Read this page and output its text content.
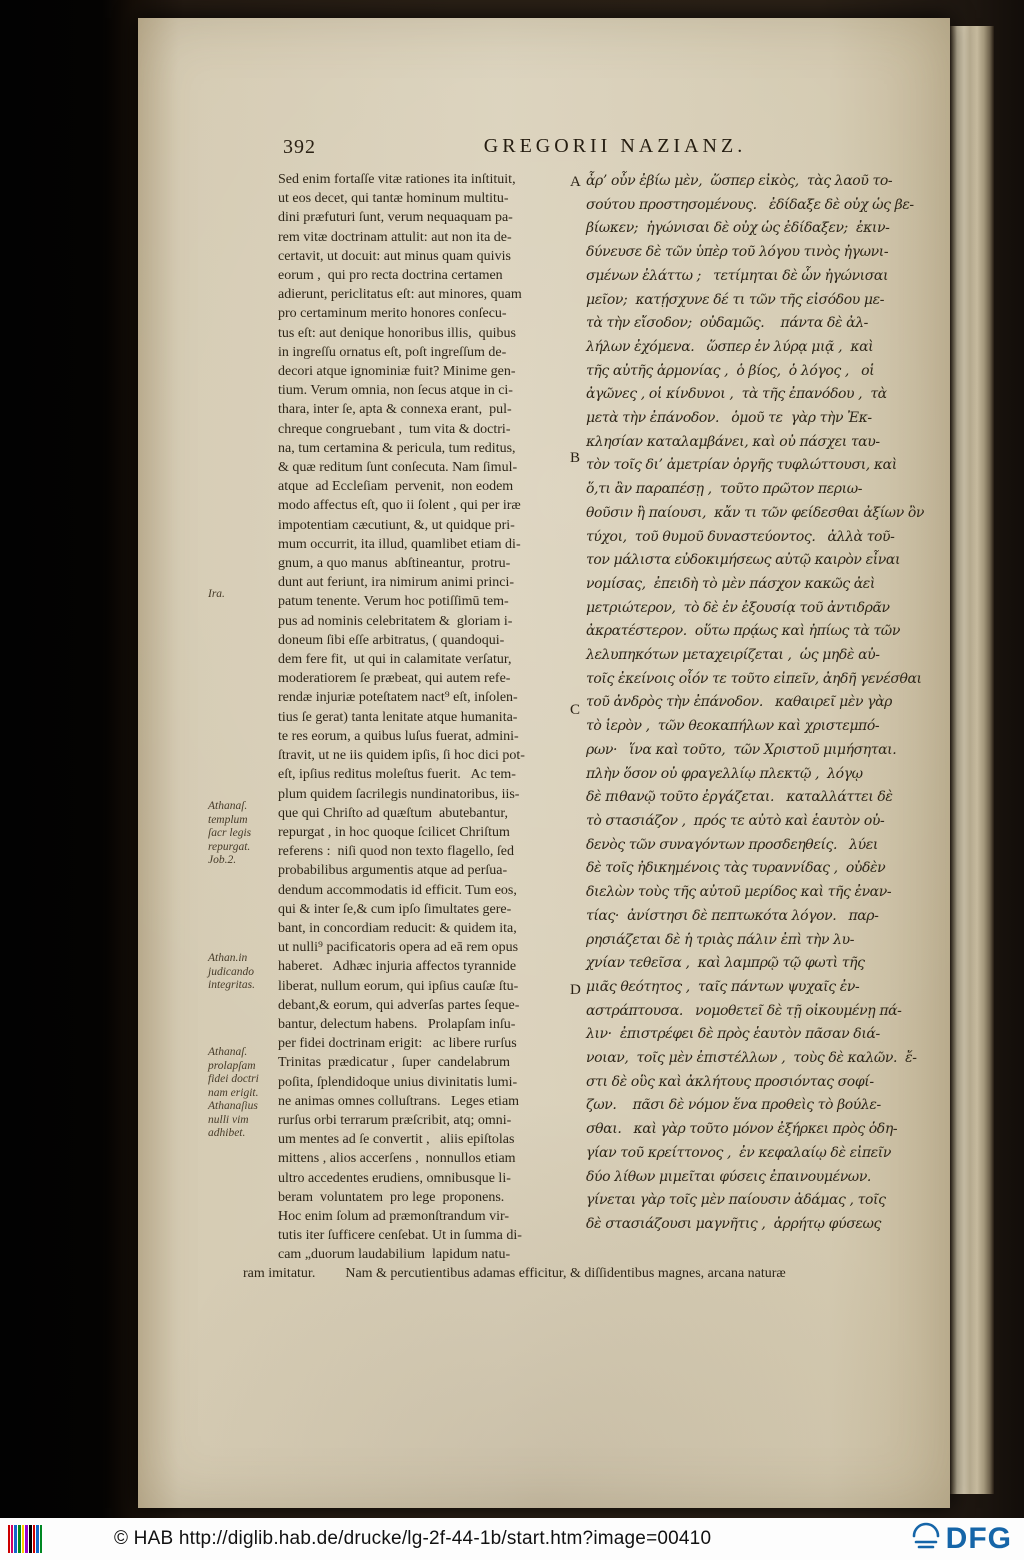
392	GREGORII NAZIANZ.
Ira.
Athanaſ.
templum
ſacr legis
repurgat.
Job.2.
Athan.in
judicando
integritas.
Athanaſ.
prolapſam
fidei doctri
nam erigit.
Athanaſius
nulli vim
adhibet.
A
B
C
D
Sed enim fortaſſe vitæ rationes ita inſtituit,
ut eos decet, qui tantæ hominum multitu-
dini præfuturi ſunt, verum nequaquam pa-
rem vitæ doctrinam attulit: aut non ita de-
certavit, ut docuit: aut minus quam quivis
eorum ,  qui pro recta doctrina certamen
adierunt, periclitatus eſt: aut minores, quam
pro certaminum merito honores conſecu-
tus eſt: aut denique honoribus illis,  quibus
in ingreſſu ornatus eſt, poſt ingreſſum de-
decori atque ignominiæ fuit? Minime gen-
tium. Verum omnia, non ſecus atque in ci-
thara, inter ſe, apta & connexa erant,  pul-
chreque congruebant ,  tum vita & doctri-
na, tum certamina & pericula, tum reditus,
& quæ reditum ſunt conſecuta. Nam ſimul-
atque  ad Eccleſiam  pervenit,  non eodem
modo affectus eſt, quo ii ſolent , qui per iræ
impotentiam cæcutiunt, &, ut quidque pri-
mum occurrit, ita illud, quamlibet etiam di-
gnum, a quo manus  abſtineantur,  protru-
dunt aut feriunt, ira nimirum animi princi-
patum tenente. Verum hoc potiſſimū tem-
pus ad nominis celebritatem &  gloriam i-
doneum ſibi eſſe arbitratus, ( quandoqui-
dem fere fit,  ut qui in calamitate verſatur,
moderatiorem ſe præbeat, qui autem refe-
rendæ injuriæ poteſtatem nact⁹ eſt, inſolen-
tius ſe gerat) tanta lenitate atque humanita-
te res eorum, a quibus luſus fuerat, admini-
ſtravit, ut ne iis quidem ipſis, ſi hoc dici pot-
eſt, ipſius reditus moleſtus fuerit.   Ac tem-
plum quidem ſacrilegis nundinatoribus, iis-
que qui Chriſto ad quæſtum  abutebantur,
repurgat , in hoc quoque ſcilicet Chriſtum
referens :  niſi quod non texto flagello, ſed
probabilibus argumentis atque ad perſua-
dendum accommodatis id efficit. Tum eos,
qui & inter ſe,& cum ipſo ſimultates gere-
bant, in concordiam reducit: & quidem ita,
ut nulli⁹ pacificatoris opera ad eā rem opus
haberet.   Adhæc injuria affectos tyrannide
liberat, nullum eorum, qui ipſius cauſæ ſtu-
debant,& eorum, qui adverſas partes ſeque-
bantur, delectum habens.   Prolapſam inſu-
per fidei doctrinam erigit:   ac libere rurſus
Trinitas  prædicatur ,  ſuper  candelabrum
poſita, ſplendidoque unius divinitatis lumi-
ne animas omnes colluſtrans.   Leges etiam
rurſus orbi terrarum præſcribit, atq; omni-
um mentes ad ſe convertit ,   aliis epiſtolas
mittens , alios accerſens ,  nonnullos etiam
ultro accedentes erudiens, omnibusque li-
beram  voluntatem  pro lege  proponens.
Hoc enim ſolum ad præmonſtrandum vir-
tutis iter ſufficere cenſebat. Ut in ſumma di-
cam „duorum laudabilium  lapidum natu-
ἆρ’ οὖν ἐβίω μὲν,  ὥσπερ εἰκὸς,  τὰς λαοῦ το-
σούτου προστησομένους.   ἐδίδαξε δὲ οὐχ ὡς βε-
βίωκεν;  ἠγώνισαι δὲ οὐχ ὡς ἐδίδαξεν;  ἐκιν-
δύνευσε δὲ τῶν ὑπὲρ τοῦ λόγου τινὸς ἠγωνι-
σμένων ἐλάττω ;   τετίμηται δὲ ὧν ἠγώνισαι
μεῖον;  κατῄσχυνε δέ τι τῶν τῆς εἰσόδου με-
τὰ τὴν εἴσοδον;  οὐδαμῶς.    πάντα δὲ ἀλ-
λήλων ἐχόμενα.   ὥσπερ ἐν λύρᾳ μιᾷ ,  καὶ
τῆς αὐτῆς ἁρμονίας ,  ὁ βίος,  ὁ λόγος ,   οἱ
ἀγῶνες , οἱ κίνδυνοι ,  τὰ τῆς ἐπανόδου ,  τὰ
μετὰ τὴν ἐπάνοδον.   ὁμοῦ τε  γὰρ τὴν Ἐκ-
κλησίαν καταλαμβάνει, καὶ οὐ πάσχει ταυ-
τὸν τοῖς δι’ ἀμετρίαν ὀργῆς τυφλώττουσι, καὶ
ὅ,τι ἂν παραπέσῃ ,  τοῦτο πρῶτον περιω-
θοῦσιν ἢ παίουσι,  κἄν τι τῶν φείδεσθαι ἀξίων ὂν
τύχοι,  τοῦ θυμοῦ δυναστεύοντος.   ἀλλὰ τοῦ-
τον μάλιστα εὐδοκιμήσεως αὐτῷ καιρὸν εἶναι
νομίσας,  ἐπειδὴ τὸ μὲν πάσχον κακῶς ἀεὶ
μετριώτερον,  τὸ δὲ ἐν ἐξουσίᾳ τοῦ ἀντιδρᾶν
ἀκρατέστερον.  οὕτω πρᾴως καὶ ἠπίως τὰ τῶν
λελυπηκότων μεταχειρίζεται ,  ὡς μηδὲ αὐ-
τοῖς ἐκείνοις οἷόν τε τοῦτο εἰπεῖν, ἀηδῆ γενέσθαι
τοῦ ἀνδρὸς τὴν ἐπάνοδον.   καθαιρεῖ μὲν γὰρ
τὸ ἱερὸν ,  τῶν θεοκαπήλων καὶ χριστεμπό-
ρων·   ἵνα καὶ τοῦτο,  τῶν Χριστοῦ μιμήσηται.
πλὴν ὅσον οὐ φραγελλίῳ πλεκτῷ ,  λόγῳ
δὲ πιθανῷ τοῦτο ἐργάζεται.   καταλλάττει δὲ
τὸ στασιάζον ,  πρός τε αὐτὸ καὶ ἑαυτὸν οὐ-
δενὸς τῶν συναγόντων προσδεηθείς.   λύει
δὲ τοῖς ἠδικημένοις τὰς τυραννίδας ,  οὐδὲν
διελὼν τοὺς τῆς αὐτοῦ μερίδος καὶ τῆς ἐναν-
τίας·  ἀνίστησι δὲ πεπτωκότα λόγον.   παρ-
ρησιάζεται δὲ ἡ τριὰς πάλιν ἐπὶ τὴν λυ-
χνίαν τεθεῖσα ,  καὶ λαμπρῷ τῷ φωτὶ τῆς
μιᾶς θεότητος ,  ταῖς πάντων ψυχαῖς ἐν-
αστράπτουσα.   νομοθετεῖ δὲ τῇ οἰκουμένῃ πά-
λιν·  ἐπιστρέφει δὲ πρὸς ἑαυτὸν πᾶσαν διά-
νοιαν,  τοῖς μὲν ἐπιστέλλων ,  τοὺς δὲ καλῶν.  ἔ-
στι δὲ οὓς καὶ ἀκλήτους προσιόντας σοφί-
ζων.    πᾶσι δὲ νόμον ἕνα προθεὶς τὸ βούλε-
σθαι.   καὶ γὰρ τοῦτο μόνον ἐξήρκει πρὸς ὁδη-
γίαν τοῦ κρείττονος ,  ἐν κεφαλαίῳ δὲ εἰπεῖν
δύο λίθων μιμεῖται φύσεις ἐπαινουμένων.
γίνεται γὰρ τοῖς μὲν παίουσιν ἀδάμας , τοῖς
δὲ στασιάζουσι μαγνῆτις ,  ἀρρήτῳ φύσεως
ram imitatur. Nam & percutientibus adamas efficitur, & diſſidentibus magnes, arcana naturæ
© HAB http://diglib.hab.de/drucke/lg-2f-44-1b/start.htm?image=00410	DFG
